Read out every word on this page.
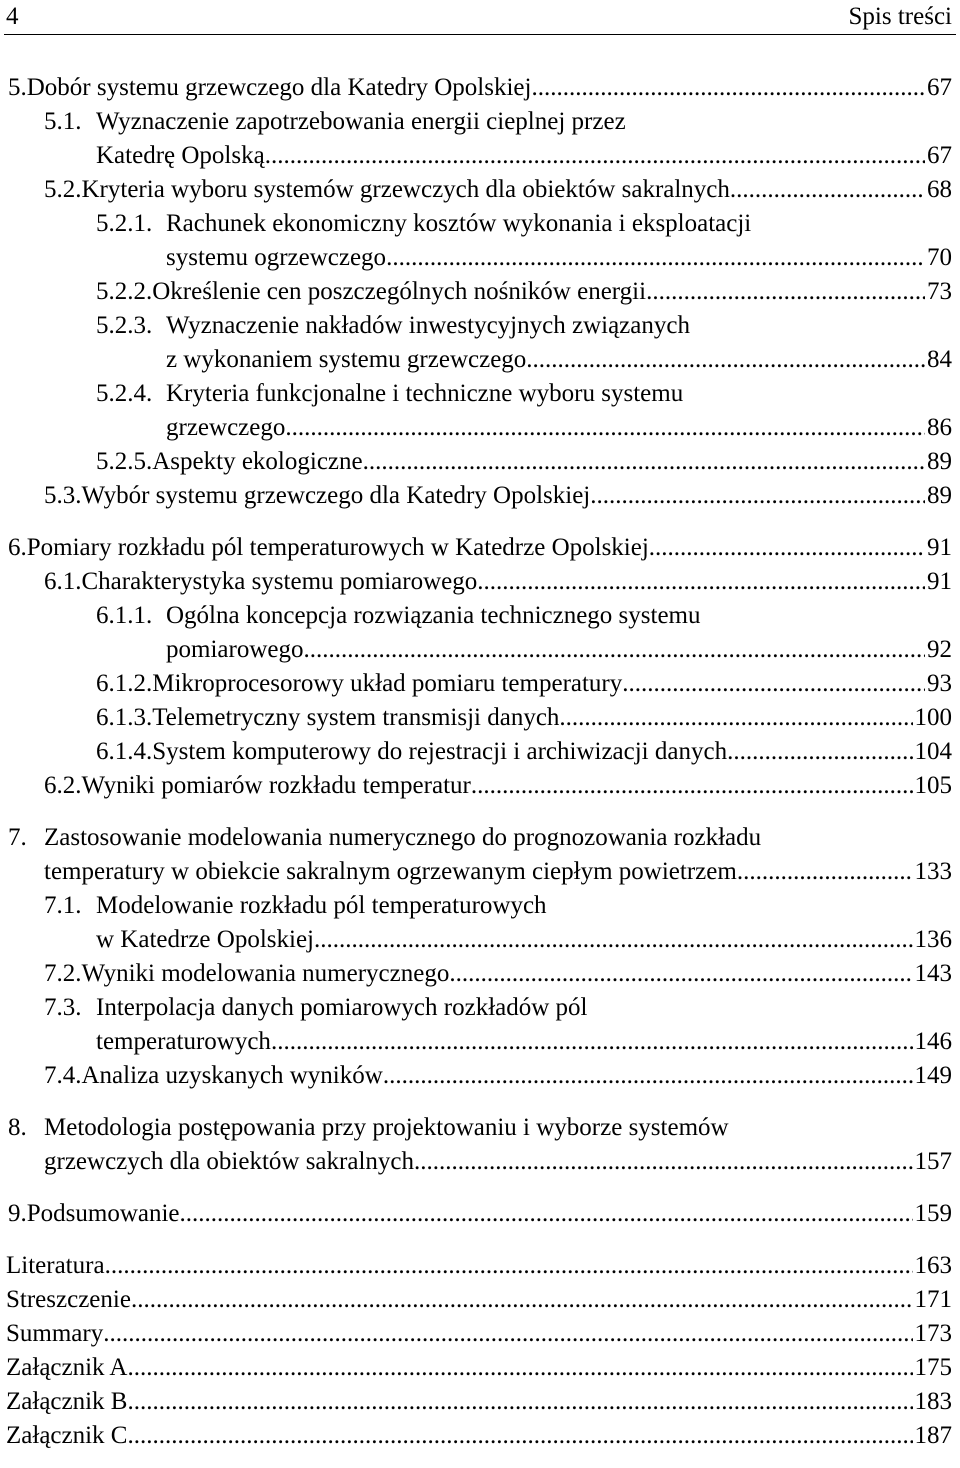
4	Spis treści
5. Dobór systemu grzewczego dla Katedry Opolskiej .....	67
5.1. Wyznaczenie zapotrzebowania energii cieplnej przez
Katedrę Opolską .....	67
5.2. Kryteria wyboru systemów grzewczych dla obiektów sakralnych .....	68
5.2.1. Rachunek ekonomiczny kosztów wykonania i eksploatacji
systemu ogrzewczego .....	70
5.2.2. Określenie cen poszczególnych nośników energii .....	73
5.2.3. Wyznaczenie nakładów inwestycyjnych związanych
z wykonaniem systemu grzewczego .....	84
5.2.4. Kryteria funkcjonalne i techniczne wyboru systemu
grzewczego .....	86
5.2.5. Aspekty ekologiczne .....	89
5.3. Wybór systemu grzewczego dla Katedry Opolskiej .....	89
6. Pomiary rozkładu pól temperaturowych w Katedrze Opolskiej .....	91
6.1. Charakterystyka systemu pomiarowego .....	91
6.1.1. Ogólna koncepcja rozwiązania technicznego systemu
pomiarowego .....	92
6.1.2. Mikroprocesorowy układ pomiaru temperatury .....	93
6.1.3. Telemetryczny system transmisji danych .....	100
6.1.4. System komputerowy do rejestracji i archiwizacji danych .....	104
6.2. Wyniki pomiarów rozkładu temperatur .....	105
7. Zastosowanie modelowania numerycznego do prognozowania rozkładu
temperatury w obiekcie sakralnym ogrzewanym ciepłym powietrzem .....	133
7.1. Modelowanie rozkładu pól temperaturowych
w Katedrze Opolskiej .....	136
7.2. Wyniki modelowania numerycznego .....	143
7.3. Interpolacja danych pomiarowych rozkładów pól
temperaturowych .....	146
7.4. Analiza uzyskanych wyników .....	149
8. Metodologia postępowania przy projektowaniu i wyborze systemów
grzewczych dla obiektów sakralnych .....	157
9. Podsumowanie .....	159
Literatura .....	163
Streszczenie .....	171
Summary .....	173
Załącznik A .....	175
Załącznik B .....	183
Załącznik C .....	187
